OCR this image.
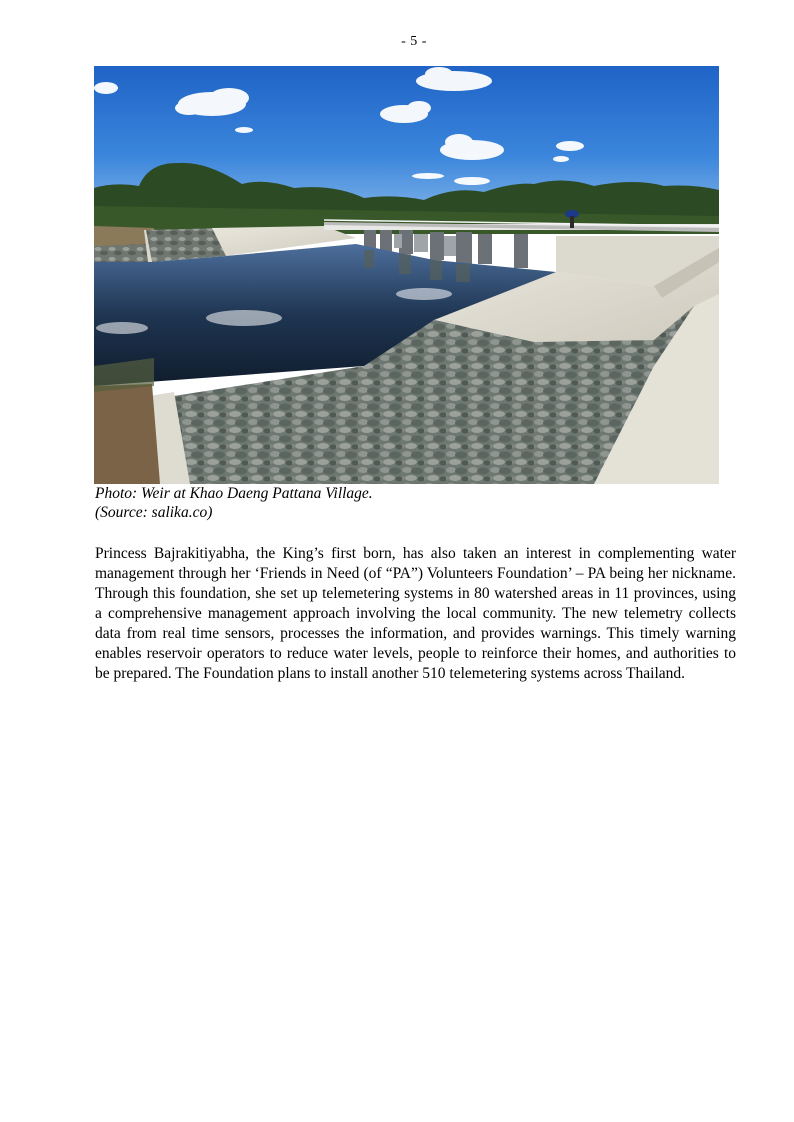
- 5 -
Photo: Weir at Khao Daeng Pattana Village.
(Source: salika.co)
Princess Bajrakitiyabha, the King’s first born, has also taken an interest in complementing water management through her ‘Friends in Need (of “PA”) Volunteers Foundation’ – PA being her nickname. Through this foundation, she set up telemetering systems in 80 watershed areas in 11 provinces, using a comprehensive management approach involving the local community. The new telemetry collects data from real time sensors, processes the information, and provides warnings. This timely warning enables reservoir operators to reduce water levels, people to reinforce their homes, and authorities to be prepared. The Foundation plans to install another 510 telemetering systems across Thailand.
